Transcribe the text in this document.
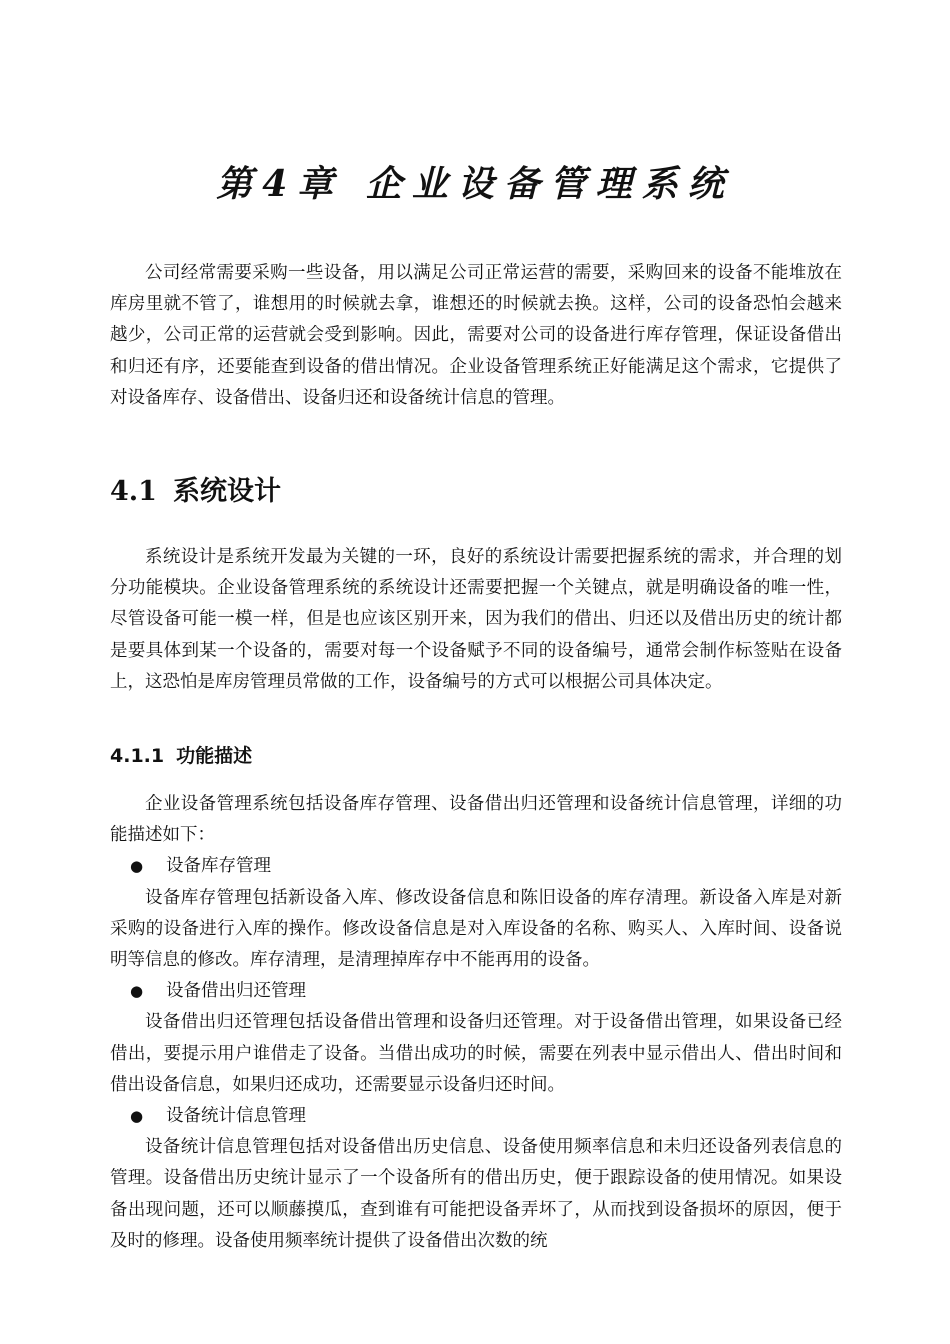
第4章 企业设备管理系统

公司经常需要采购一些设备，用以满足公司正常运营的需要，采购回来的设备不能堆放在库房里就不管了，谁想用的时候就去拿，谁想还的时候就去换。这样，公司的设备恐怕会越来越少，公司正常的运营就会受到影响。因此，需要对公司的设备进行库存管理，保证设备借出和归还有序，还要能查到设备的借出情况。企业设备管理系统正好能满足这个需求，它提供了对设备库存、设备借出、设备归还和设备统计信息的管理。

4.1 系统设计

系统设计是系统开发最为关键的一环，良好的系统设计需要把握系统的需求，并合理的划分功能模块。企业设备管理系统的系统设计还需要把握一个关键点，就是明确设备的唯一性，尽管设备可能一模一样，但是也应该区别开来，因为我们的借出、归还以及借出历史的统计都是要具体到某一个设备的，需要对每一个设备赋予不同的设备编号，通常会制作标签贴在设备上，这恐怕是库房管理员常做的工作，设备编号的方式可以根据公司具体决定。

4.1.1 功能描述

企业设备管理系统包括设备库存管理、设备借出归还管理和设备统计信息管理，详细的功能描述如下：

● 设备库存管理

设备库存管理包括新设备入库、修改设备信息和陈旧设备的库存清理。新设备入库是对新采购的设备进行入库的操作。修改设备信息是对入库设备的名称、购买人、入库时间、设备说明等信息的修改。库存清理，是清理掉库存中不能再用的设备。

● 设备借出归还管理

设备借出归还管理包括设备借出管理和设备归还管理。对于设备借出管理，如果设备已经借出，要提示用户谁借走了设备。当借出成功的时候，需要在列表中显示借出人、借出时间和借出设备信息，如果归还成功，还需要显示设备归还时间。

● 设备统计信息管理

设备统计信息管理包括对设备借出历史信息、设备使用频率信息和未归还设备列表信息的管理。设备借出历史统计显示了一个设备所有的借出历史，便于跟踪设备的使用情况。如果设备出现问题，还可以顺藤摸瓜，查到谁有可能把设备弄坏了，从而找到设备损坏的原因，便于及时的修理。设备使用频率统计提供了设备借出次数的统
